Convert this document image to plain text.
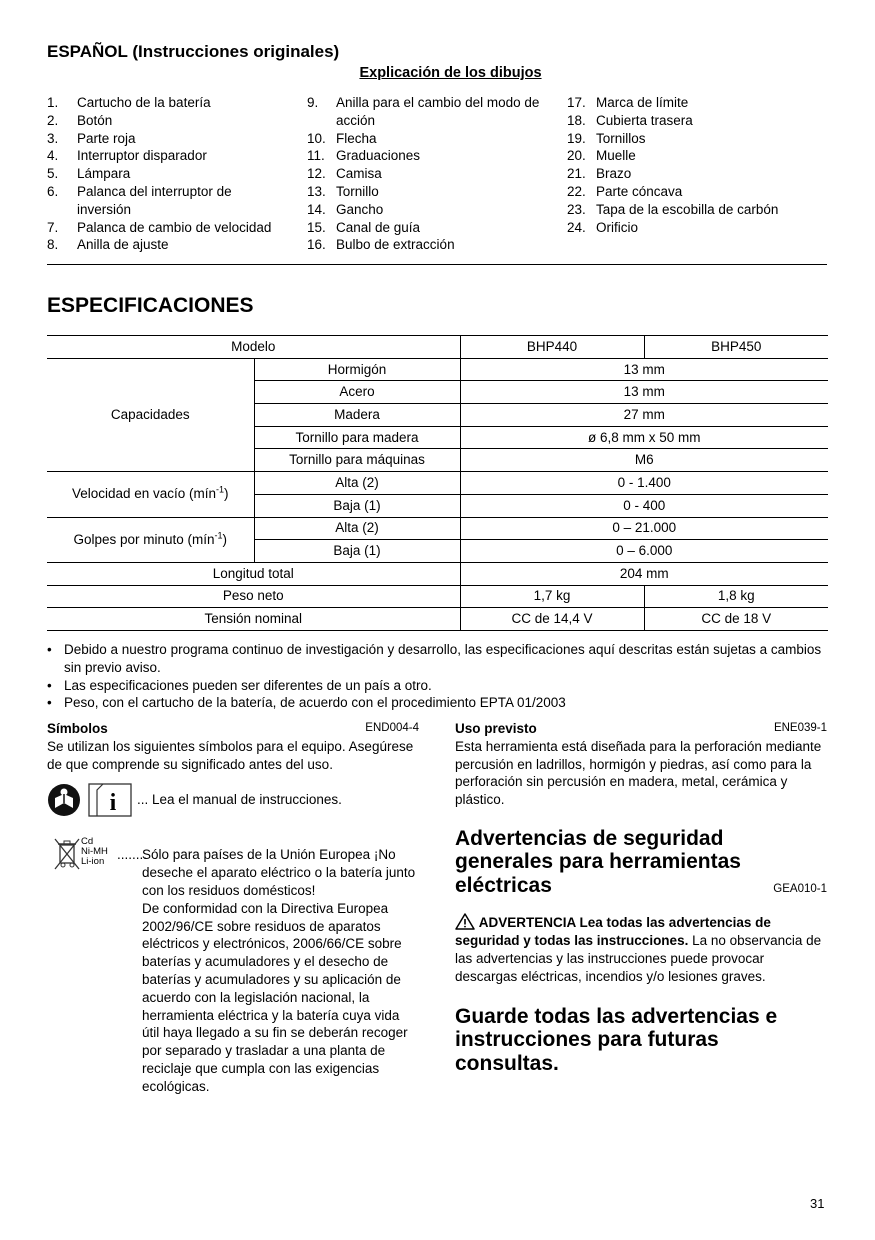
ESPAÑOL (Instrucciones originales)
Explicación de los dibujos
1.	Cartucho de la batería
2.	Botón
3.	Parte roja
4.	Interruptor disparador
5.	Lámpara
6.	Palanca del interruptor de inversión
7.	Palanca de cambio de velocidad
8.	Anilla de ajuste
9.	Anilla para el cambio del modo de acción
10. Flecha
11. Graduaciones
12. Camisa
13. Tornillo
14. Gancho
15. Canal de guía
16. Bulbo de extracción
17. Marca de límite
18. Cubierta trasera
19. Tornillos
20. Muelle
21. Brazo
22. Parte cóncava
23. Tapa de la escobilla de carbón
24. Orificio
ESPECIFICACIONES
Modelo		BHP440	BHP450
Capacidades	Hormigón	13 mm	
	Acero	13 mm	
	Madera	27 mm	
	Tornillo para madera	ø 6,8 mm x 50 mm	
	Tornillo para máquinas	M6	
Velocidad en vacío (mín$^{-1}$)	Alta (2)	0 - 1.400	
	Baja (1)	0 - 400	
Golpes por minuto (mín$^{-1}$)	Alta (2)	0 – 21.000	
	Baja (1)	0 – 6.000	
Longitud total		204 mm	
Peso neto		1,7 kg	1,8 kg
Tensión nominal		CC de 14,4 V	CC de 18 V
• Debido a nuestro programa continuo de investigación y desarrollo, las especificaciones aquí descritas están sujetas a cambios sin previo aviso.
• Las especificaciones pueden ser diferentes de un país a otro.
• Peso, con el cartucho de la batería, de acuerdo con el procedimiento EPTA 01/2003
Símbolos	END004-4
Se utilizan los siguientes símbolos para el equipo. Asegúrese de que comprende su significado antes del uso.
i ... Lea el manual de instrucciones.
Cd
Ni-MH
Li-ion ........
Sólo para países de la Unión Europea ¡No deseche el aparato eléctrico o la batería junto con los residuos domésticos!
De conformidad con la Directiva Europea 2002/96/CE sobre residuos de aparatos eléctricos y electrónicos, 2006/66/CE sobre baterías y acumuladores y el desecho de baterías y acumuladores y su aplicación de acuerdo con la legislación nacional, la herramienta eléctrica y la batería cuya vida útil haya llegado a su fin se deberán recoger por separado y trasladar a una planta de reciclaje que cumpla con las exigencias ecológicas.
Uso previsto	ENE039-1
Esta herramienta está diseñada para la perforación mediante percusión en ladrillos, hormigón y piedras, así como para la perforación sin percusión en madera, metal, cerámica y plástico.
Advertencias de seguridad
generales para herramientas
eléctricas	GEA010-1
ADVERTENCIA Lea todas las advertencias de seguridad y todas las instrucciones. La no observancia de las advertencias y las instrucciones puede provocar descargas eléctricas, incendios y/o lesiones graves.
Guarde todas las advertencias e instrucciones para futuras consultas.
31
